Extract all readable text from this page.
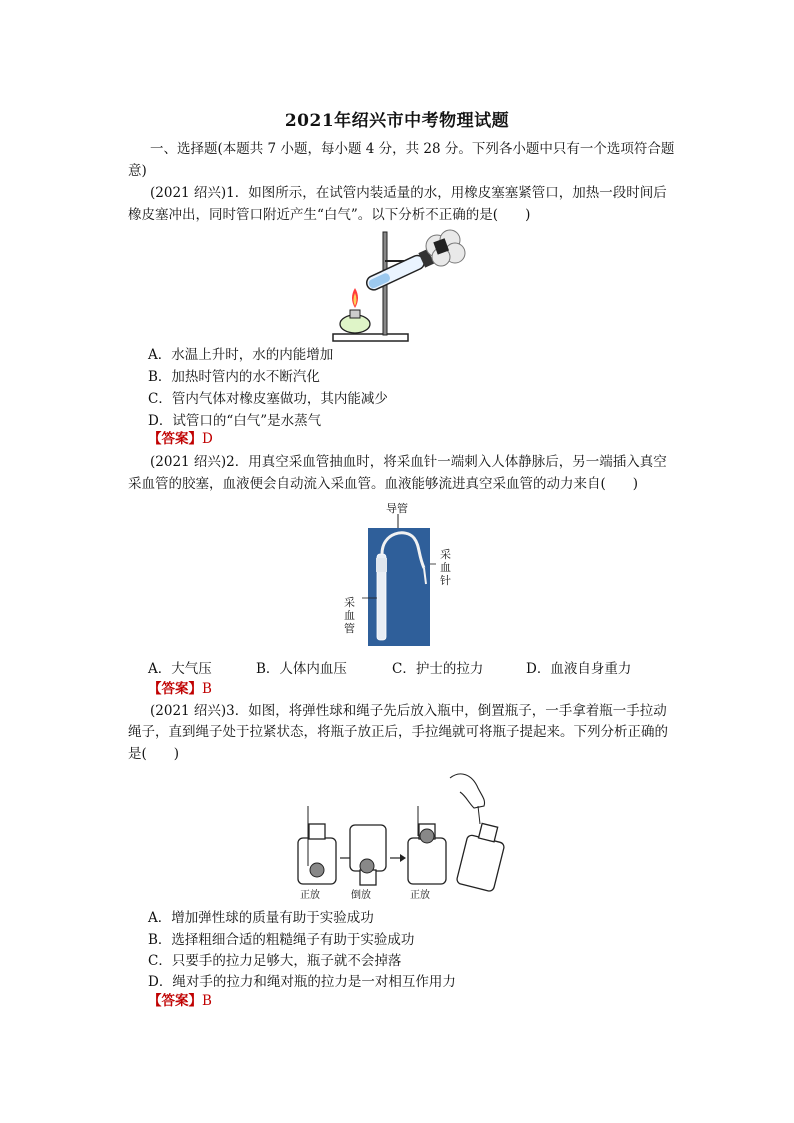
2021年绍兴市中考物理试题
一、选择题(本题共 7 小题，每小题 4 分，共 28 分。下列各小题中只有一个选项符合题
意)
(2021 绍兴)1．如图所示，在试管内装适量的水，用橡皮塞塞紧管口，加热一段时间后
橡皮塞冲出，同时管口附近产生“白气”。以下分析不正确的是(　　)
A．水温上升时，水的内能增加
B．加热时管内的水不断汽化
C．管内气体对橡皮塞做功，其内能减少
D．试管口的“白气”是水蒸气
【答案】D
(2021 绍兴)2．用真空采血管抽血时，将采血针一端刺入人体静脉后，另一端插入真空
采血管的胶塞，血液便会自动流入采血管。血液能够流进真空采血管的动力来自(　　)
导管
采
血
针
采
血
管
A．大气压	B．人体内血压	C．护士的拉力	D．血液自身重力
【答案】B
(2021 绍兴)3．如图，将弹性球和绳子先后放入瓶中，倒置瓶子，一手拿着瓶一手拉动
绳子，直到绳子处于拉紧状态，将瓶子放正后，手拉绳就可将瓶子提起来。下列分析正确的
是(　　)
正放	倒放	正放
A．增加弹性球的质量有助于实验成功
B．选择粗细合适的粗糙绳子有助于实验成功
C．只要手的拉力足够大，瓶子就不会掉落
D．绳对手的拉力和绳对瓶的拉力是一对相互作用力
【答案】B
